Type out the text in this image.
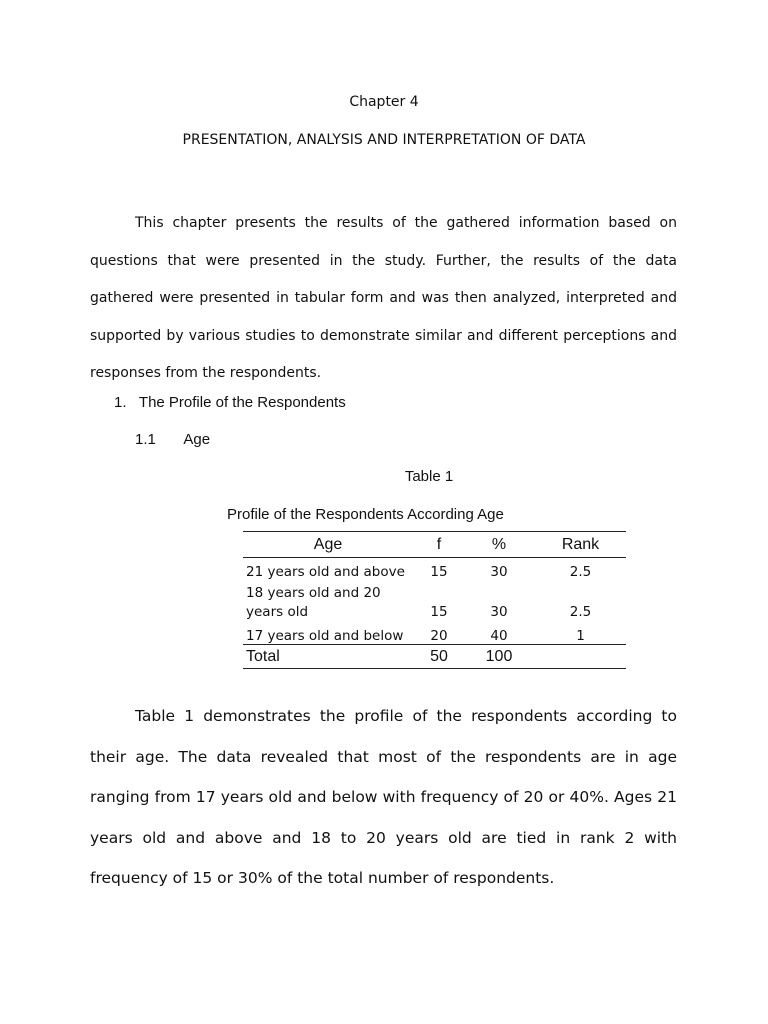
Chapter 4
PRESENTATION, ANALYSIS AND INTERPRETATION OF DATA

This chapter presents the results of the gathered information based on questions that were presented in the study. Further, the results of the data gathered were presented in tabular form and was then analyzed, interpreted and supported by various studies to demonstrate similar and different perceptions and responses from the respondents.

1. The Profile of the Respondents
1.1 Age
Table 1
Profile of the Respondents According Age
Age	f	%	Rank
21 years old and above	15	30	2.5
18 years old and 20 years old	15	30	2.5
17 years old and below	20	40	1
Total	50	100	

Table 1 demonstrates the profile of the respondents according to their age. The data revealed that most of the respondents are in age ranging from 17 years old and below with frequency of 20 or 40%. Ages 21 years old and above and 18 to 20 years old are tied in rank 2 with frequency of 15 or 30% of the total number of respondents.
